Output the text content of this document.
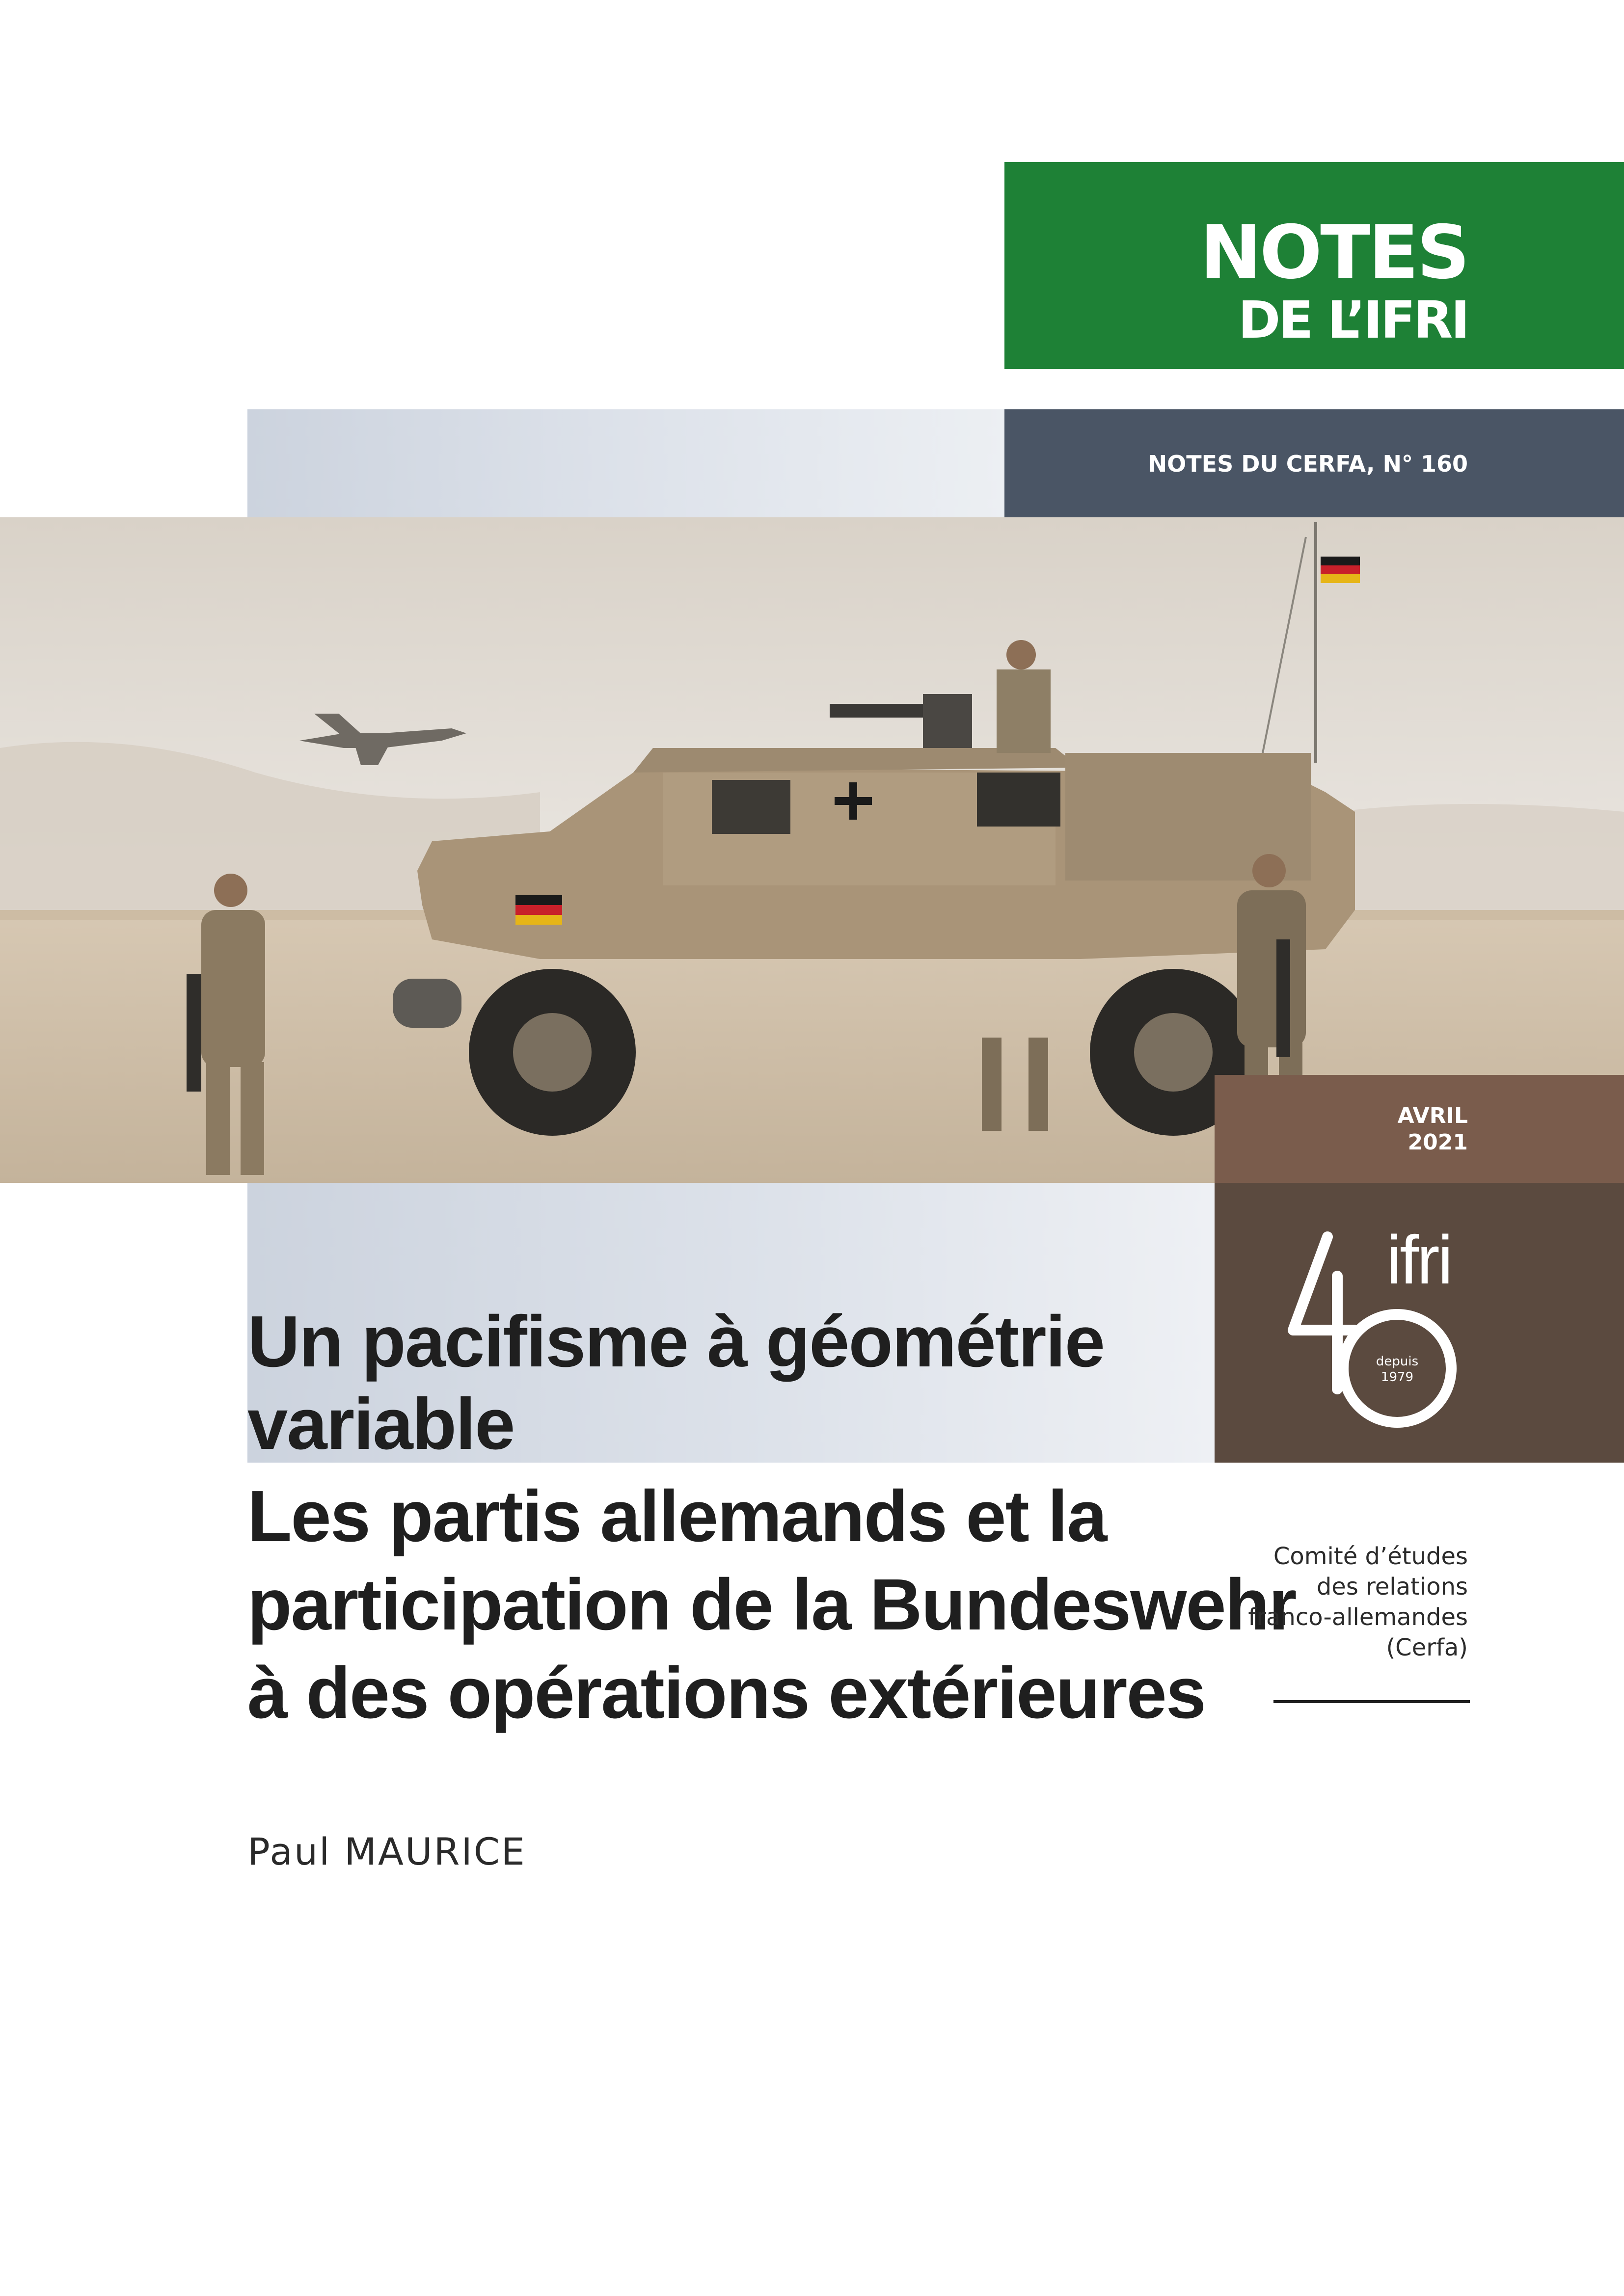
NOTES
DE L’IFRI
NOTES DU CERFA, N° 160
AVRIL
2021
ifri
depuis
1979
Un pacifisme à géométrie
variable
Les partis allemands et la
participation de la Bundeswehr
à des opérations extérieures
Comité d’études
des relations
franco-allemandes
(Cerfa)

Paul MAURICE
